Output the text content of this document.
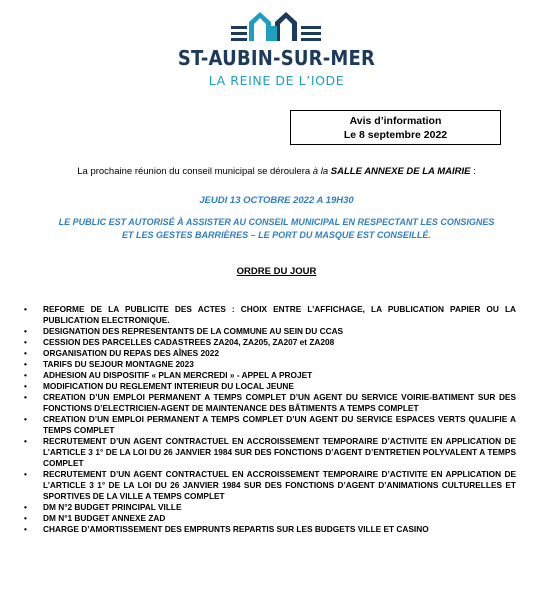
ST-AUBIN-SUR-MER
LA REINE DE L’IODE
Avis d’information
Le 8 septembre 2022
La prochaine réunion du conseil municipal se déroulera à la SALLE ANNEXE DE LA MAIRIE :
JEUDI 13 OCTOBRE 2022 A 19H30
LE PUBLIC EST AUTORISÉ À ASSISTER AU CONSEIL MUNICIPAL EN RESPECTANT LES CONSIGNES
ET LES GESTES BARRIÈRES – LE PORT DU MASQUE EST CONSEILLÉ.
ORDRE DU JOUR
• REFORME DE LA PUBLICITE DES ACTES : CHOIX ENTRE L’AFFICHAGE, LA PUBLICATION PAPIER OU LA PUBLICATION ELECTRONIQUE.
• DESIGNATION DES REPRESENTANTS DE LA COMMUNE AU SEIN DU CCAS
• CESSION DES PARCELLES CADASTREES ZA204, ZA205, ZA207 et ZA208
• ORGANISATION DU REPAS DES AÎNES 2022
• TARIFS DU SEJOUR MONTAGNE 2023
• ADHESION AU DISPOSITIF « PLAN MERCREDI » - APPEL A PROJET
• MODIFICATION DU REGLEMENT INTERIEUR DU LOCAL JEUNE
• CREATION D’UN EMPLOI PERMANENT A TEMPS COMPLET D’UN AGENT DU SERVICE VOIRIE-BATIMENT SUR DES FONCTIONS D’ELECTRICIEN-AGENT DE MAINTENANCE DES BÂTIMENTS A TEMPS COMPLET
• CREATION D’UN EMPLOI PERMANENT A TEMPS COMPLET D’UN AGENT DU SERVICE ESPACES VERTS QUALIFIE A TEMPS COMPLET
• RECRUTEMENT D’UN AGENT CONTRACTUEL EN ACCROISSEMENT TEMPORAIRE D’ACTIVITE EN APPLICATION DE L’ARTICLE 3 1° DE LA LOI DU 26 JANVIER 1984 SUR DES FONCTIONS D’AGENT D’ENTRETIEN POLYVALENT A TEMPS COMPLET
• RECRUTEMENT D’UN AGENT CONTRACTUEL EN ACCROISSEMENT TEMPORAIRE D’ACTIVITE EN APPLICATION DE L’ARTICLE 3 1° DE LA LOI DU 26 JANVIER 1984 SUR DES FONCTIONS D’AGENT D’ANIMATIONS CULTURELLES ET SPORTIVES DE LA VILLE A TEMPS COMPLET
• DM N°2 BUDGET PRINCIPAL VILLE
• DM N°1 BUDGET ANNEXE ZAD
• CHARGE D’AMORTISSEMENT DES EMPRUNTS REPARTIS SUR LES BUDGETS VILLE ET CASINO
